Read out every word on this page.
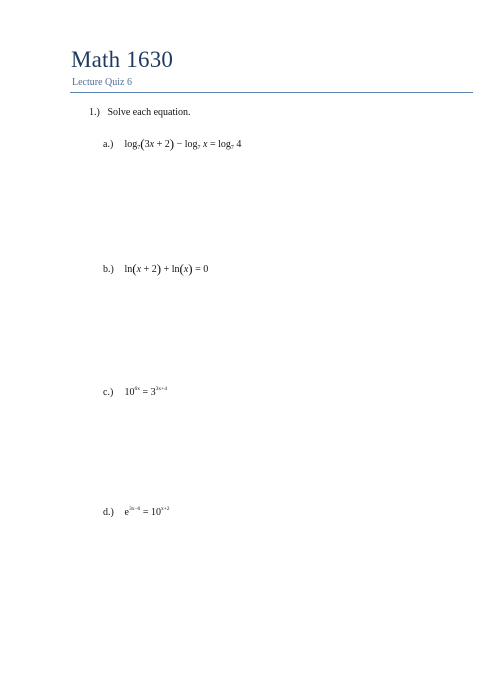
Math 1630
Lecture Quiz 6
1.) Solve each equation.
a.) $\log_7(3x + 2) - \log_7 x = \log_7 4$
b.) ln(x + 2) + ln(x) = 0
c.) $10^{6x} = 3^{3x+4}$
d.) $e^{3x-6} = 10^{x+2}$
